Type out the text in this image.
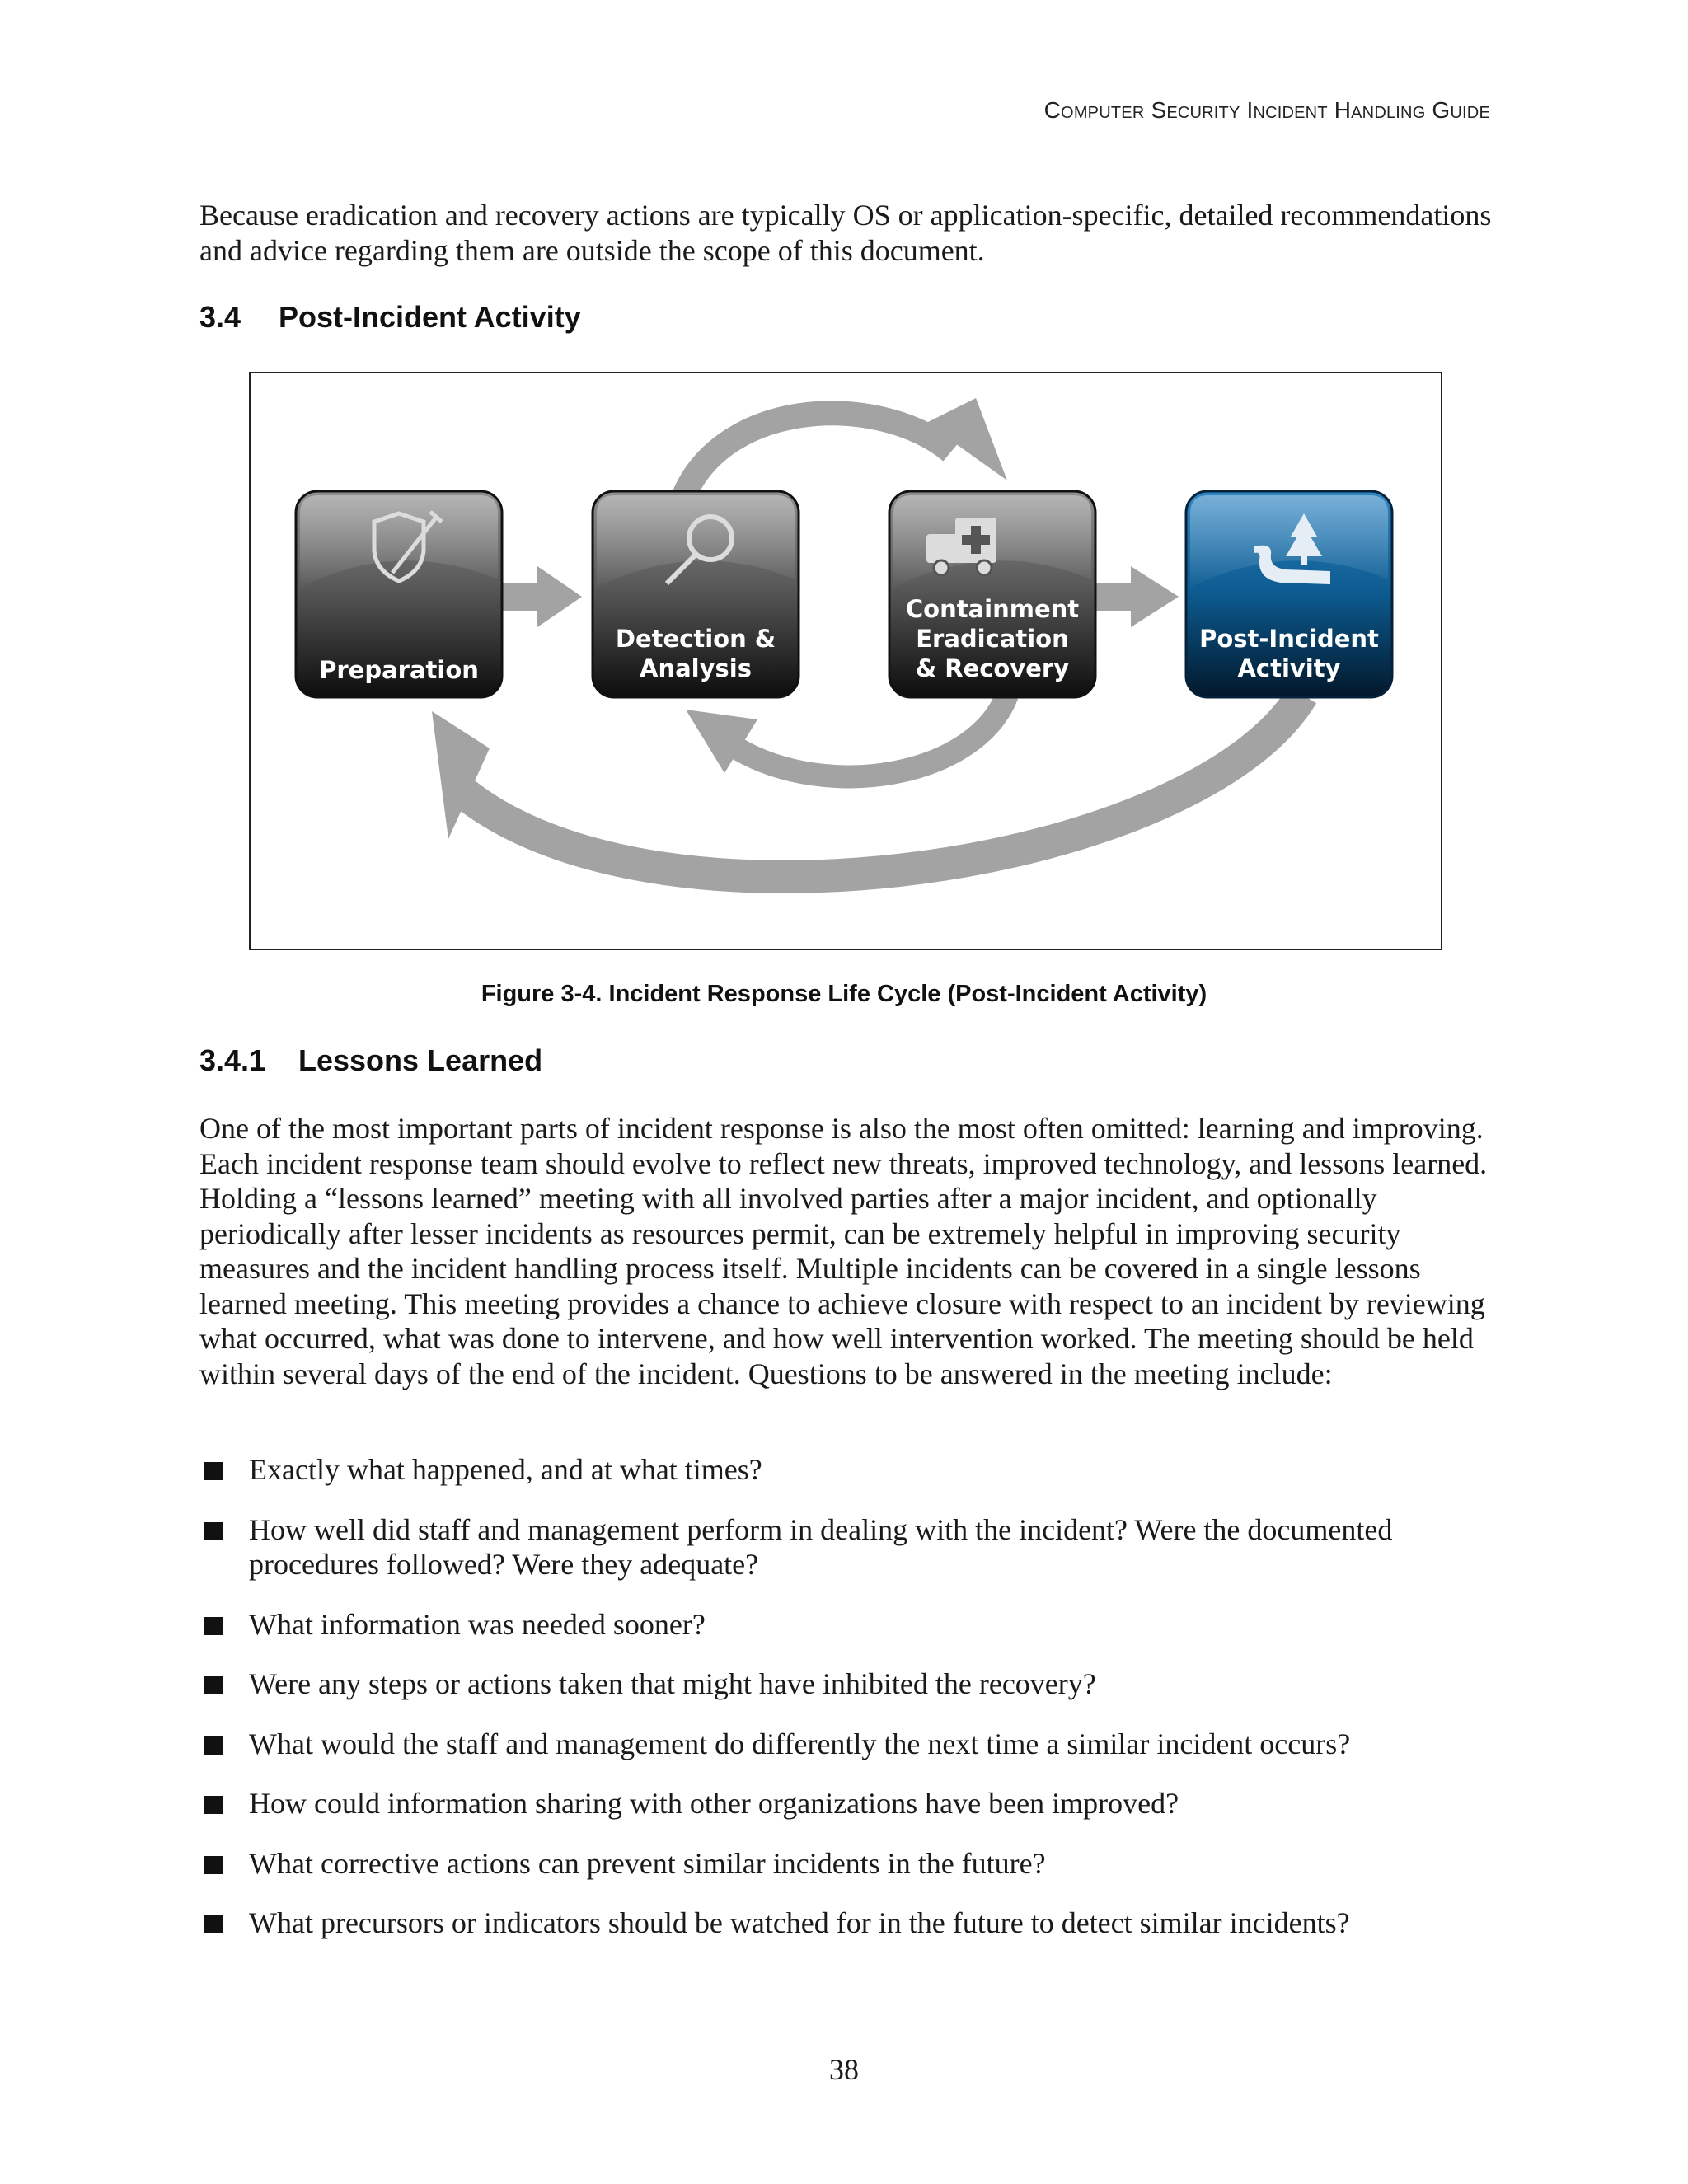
Computer Security Incident Handling Guide

Because eradication and recovery actions are typically OS or application-specific, detailed recommendations and advice regarding them are outside the scope of this document.

3.4 Post-Incident Activity
Preparation
Detection &
Analysis
Containment
Eradication
& Recovery
Post-Incident
Activity
Figure 3-4. Incident Response Life Cycle (Post-Incident Activity)
3.4.1 Lessons Learned

One of the most important parts of incident response is also the most often omitted: learning and improving. Each incident response team should evolve to reflect new threats, improved technology, and lessons learned. Holding a “lessons learned” meeting with all involved parties after a major incident, and optionally periodically after lesser incidents as resources permit, can be extremely helpful in improving security measures and the incident handling process itself. Multiple incidents can be covered in a single lessons learned meeting. This meeting provides a chance to achieve closure with respect to an incident by reviewing what occurred, what was done to intervene, and how well intervention worked. The meeting should be held within several days of the end of the incident. Questions to be answered in the meeting include:

Exactly what happened, and at what times?
How well did staff and management perform in dealing with the incident? Were the documented procedures followed? Were they adequate?
What information was needed sooner?
Were any steps or actions taken that might have inhibited the recovery?
What would the staff and management do differently the next time a similar incident occurs?
How could information sharing with other organizations have been improved?
What corrective actions can prevent similar incidents in the future?
What precursors or indicators should be watched for in the future to detect similar incidents?
38
